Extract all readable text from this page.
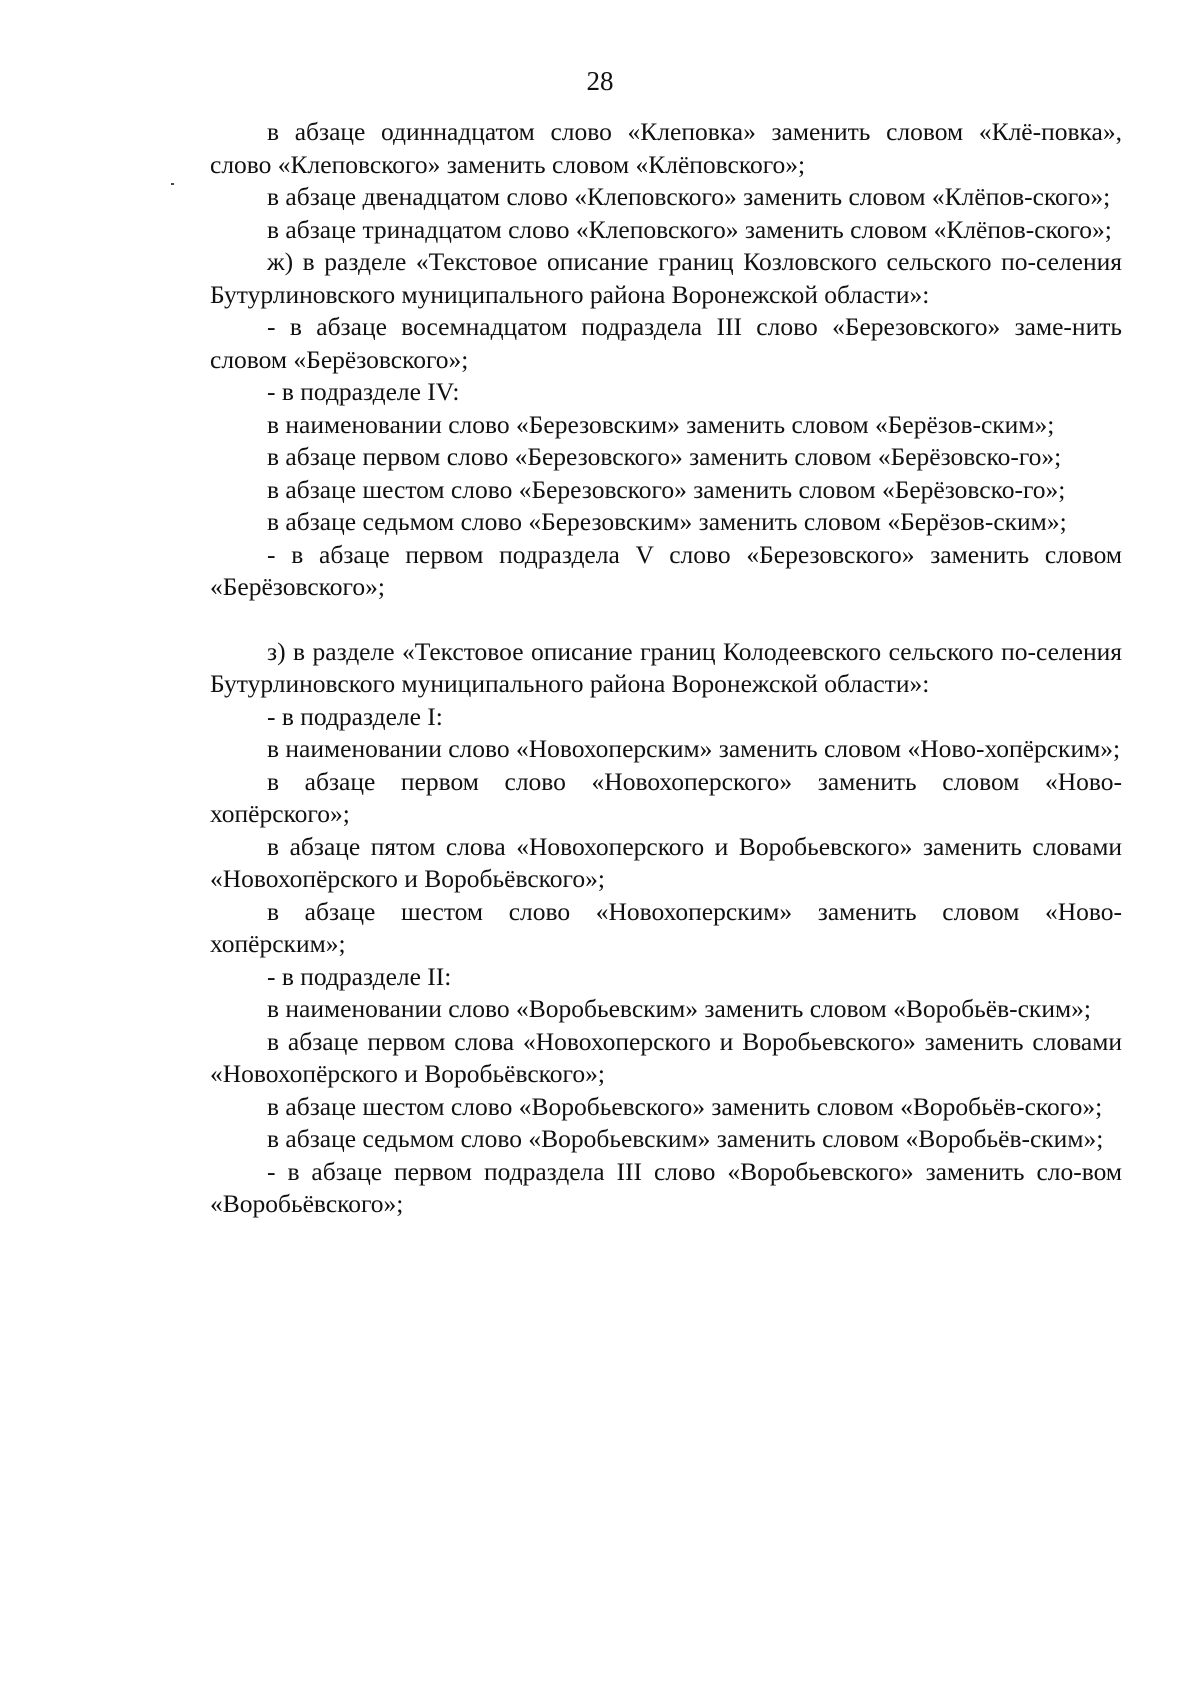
28

в абзаце одиннадцатом слово «Клеповка» заменить словом «Клё-повка», слово «Клеповского» заменить словом «Клёповского»;

в абзаце двенадцатом слово «Клеповского» заменить словом «Клёпов-ского»;

в абзаце тринадцатом слово «Клеповского» заменить словом «Клёпов-ского»;

ж) в разделе «Текстовое описание границ Козловского сельского по-селения Бутурлиновского муниципального района Воронежской области»:

- в абзаце восемнадцатом подраздела III слово «Березовского» заме-нить словом «Берёзовского»;

- в подразделе IV:

в наименовании слово «Березовским» заменить словом «Берёзов-ским»;

в абзаце первом слово «Березовского» заменить словом «Берёзовско-го»;

в абзаце шестом слово «Березовского» заменить словом «Берёзовско-го»;

в абзаце седьмом слово «Березовским» заменить словом «Берёзов-ским»;

- в абзаце первом подраздела V слово «Березовского» заменить словом «Берёзовского»;

з) в разделе «Текстовое описание границ Колодеевского сельского по-селения Бутурлиновского муниципального района Воронежской области»:

- в подразделе I:

в наименовании слово «Новохоперским» заменить словом «Ново-хопёрским»;

в абзаце первом слово «Новохоперского» заменить словом «Ново-хопёрского»;

в абзаце пятом слова «Новохоперского и Воробьевского» заменить словами «Новохопёрского и Воробьёвского»;

в абзаце шестом слово «Новохоперским» заменить словом «Ново-хопёрским»;

- в подразделе II:

в наименовании слово «Воробьевским» заменить словом «Воробьёв-ским»;

в абзаце первом слова «Новохоперского и Воробьевского» заменить словами «Новохопёрского и Воробьёвского»;

в абзаце шестом слово «Воробьевского» заменить словом «Воробьёв-ского»;

в абзаце седьмом слово «Воробьевским» заменить словом «Воробьёв-ским»;

- в абзаце первом подраздела III слово «Воробьевского» заменить сло-вом «Воробьёвского»;
